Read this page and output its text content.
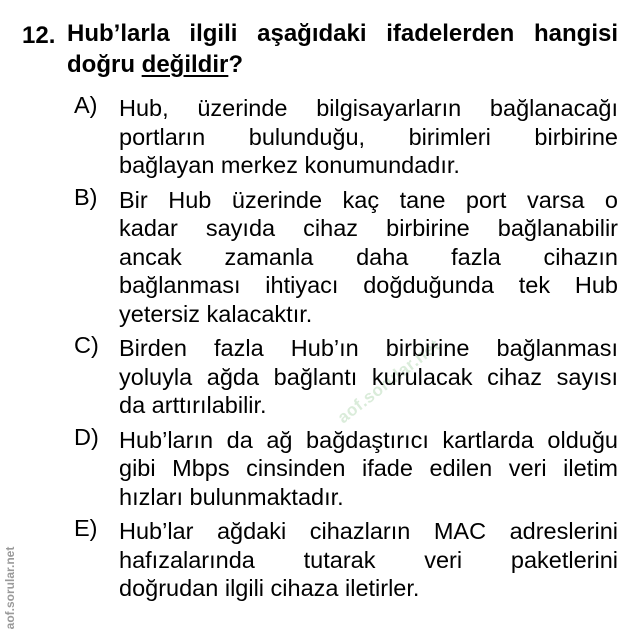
aof.sorular.net
12. Hub’larla ilgili aşağıdaki ifadelerden hangisi
doğru değildir?
A) Hub, üzerinde bilgisayarların bağlanacağı
portların bulunduğu, birimleri birbirine
bağlayan merkez konumundadır.
B) Bir Hub üzerinde kaç tane port varsa o
kadar sayıda cihaz birbirine bağlanabilir
ancak zamanla daha fazla cihazın
bağlanması ihtiyacı doğduğunda tek Hub
yetersiz kalacaktır.
C) Birden fazla Hub’ın birbirine bağlanması
yoluyla ağda bağlantı kurulacak cihaz sayısı
da arttırılabilir.
D) Hub’ların da ağ bağdaştırıcı kartlarda olduğu
gibi Mbps cinsinden ifade edilen veri iletim
hızları bulunmaktadır.
E) Hub’lar ağdaki cihazların MAC adreslerini
hafızalarında tutarak veri paketlerini
doğrudan ilgili cihaza iletirler.
aof.sorular.net
